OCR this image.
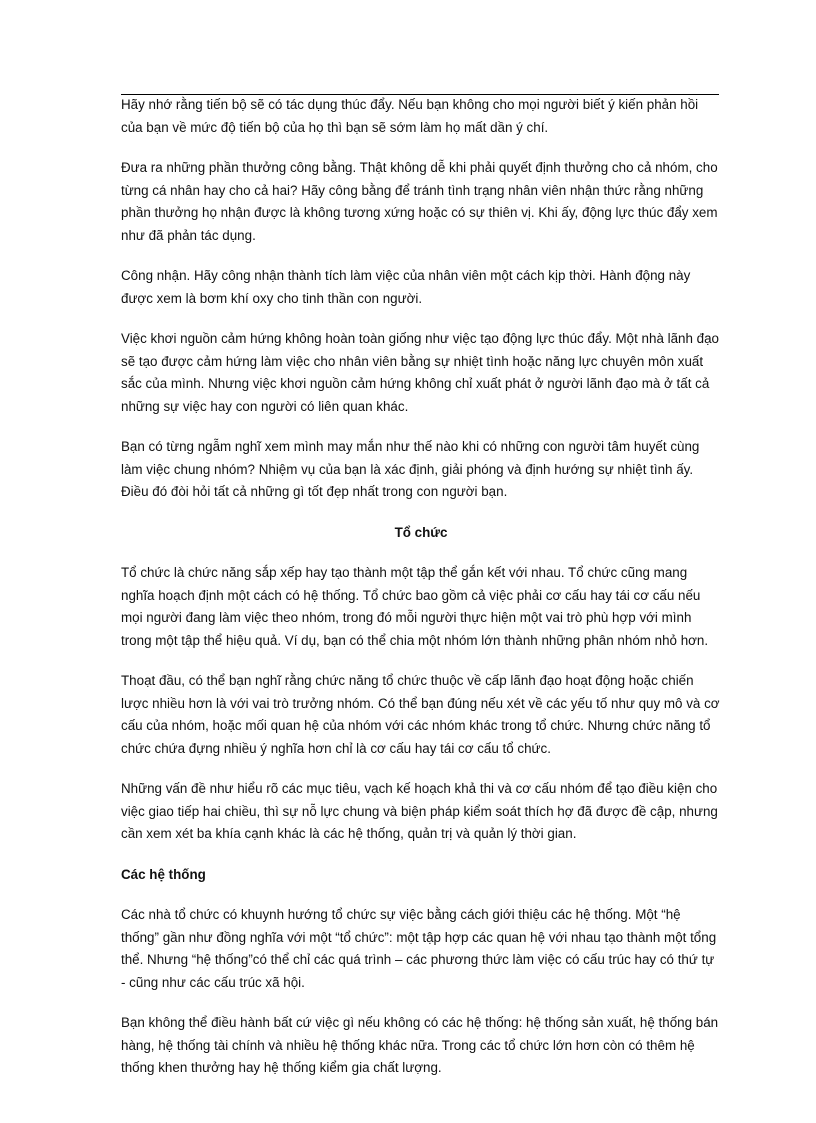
Hãy nhớ rằng tiến bộ sẽ có tác dụng thúc đẩy. Nếu bạn không cho mọi người biết ý kiến phản hồi của bạn về mức độ tiến bộ của họ thì bạn sẽ sớm làm họ mất dần ý chí.

Đưa ra những phần thưởng công bằng. Thật không dễ khi phải quyết định thưởng cho cả nhóm, cho từng cá nhân hay cho cả hai? Hãy công bằng để tránh tình trạng nhân viên nhận thức rằng những phần thưởng họ nhận được là không tương xứng hoặc có sự thiên vị. Khi ấy, động lực thúc đẩy xem như đã phản tác dụng.

Công nhận. Hãy công nhận thành tích làm việc của nhân viên một cách kịp thời. Hành động này được xem là bơm khí oxy cho tinh thần con người.

Việc khơi nguồn cảm hứng không hoàn toàn giống như việc tạo động lực thúc đẩy. Một nhà lãnh đạo sẽ tạo được cảm hứng làm việc cho nhân viên bằng sự nhiệt tình hoặc năng lực chuyên môn xuất sắc của mình. Nhưng việc khơi nguồn cảm hứng không chỉ xuất phát ở người lãnh đạo mà ở tất cả những sự việc hay con người có liên quan khác.

Bạn có từng ngẫm nghĩ xem mình may mắn như thế nào khi có những con người tâm huyết cùng làm việc chung nhóm? Nhiệm vụ của bạn là xác định, giải phóng và định hướng sự nhiệt tình ấy. Điều đó đòi hỏi tất cả những gì tốt đẹp nhất trong con người bạn.

Tổ chức

Tổ chức là chức năng sắp xếp hay tạo thành một tập thể gắn kết với nhau. Tổ chức cũng mang nghĩa hoạch định một cách có hệ thống. Tổ chức bao gồm cả việc phải cơ cấu hay tái cơ cấu nếu mọi người đang làm việc theo nhóm, trong đó mỗi người thực hiện một vai trò phù hợp với mình trong một tập thể hiệu quả. Ví dụ, bạn có thể chia một nhóm lớn thành những phân nhóm nhỏ hơn.

Thoạt đầu, có thể bạn nghĩ rằng chức năng tổ chức thuộc về cấp lãnh đạo hoạt động hoặc chiến lược nhiều hơn là với vai trò trưởng nhóm. Có thể bạn đúng nếu xét về các yếu tố như quy mô và cơ cấu của nhóm, hoặc mối quan hệ của nhóm với các nhóm khác trong tổ chức. Nhưng chức năng tổ chức chứa đựng nhiều ý nghĩa hơn chỉ là cơ cấu hay tái cơ cấu tổ chức.

Những vấn đề như hiểu rõ các mục tiêu, vạch kế hoạch khả thi và cơ cấu nhóm để tạo điều kiện cho việc giao tiếp hai chiều, thì sự nỗ lực chung và biện pháp kiểm soát thích hợ đã được đề cập, nhưng cần xem xét ba khía cạnh khác là các hệ thống, quản trị và quản lý thời gian.

Các hệ thống

Các nhà tổ chức có khuynh hướng tổ chức sự việc bằng cách giới thiệu các hệ thống. Một “hệ thống” gần như đồng nghĩa với một “tổ chức”: một tập hợp các quan hệ với nhau tạo thành một tổng thể. Nhưng “hệ thống”có thể chỉ các quá trình – các phương thức làm việc có cấu trúc hay có thứ tự - cũng như các cấu trúc xã hội.

Bạn không thể điều hành bất cứ việc gì nếu không có các hệ thống: hệ thống sản xuất, hệ thống bán hàng, hệ thống tài chính và nhiều hệ thống khác nữa. Trong các tổ chức lớn hơn còn có thêm hệ thống khen thưởng hay hệ thống kiểm gia chất lượng.
